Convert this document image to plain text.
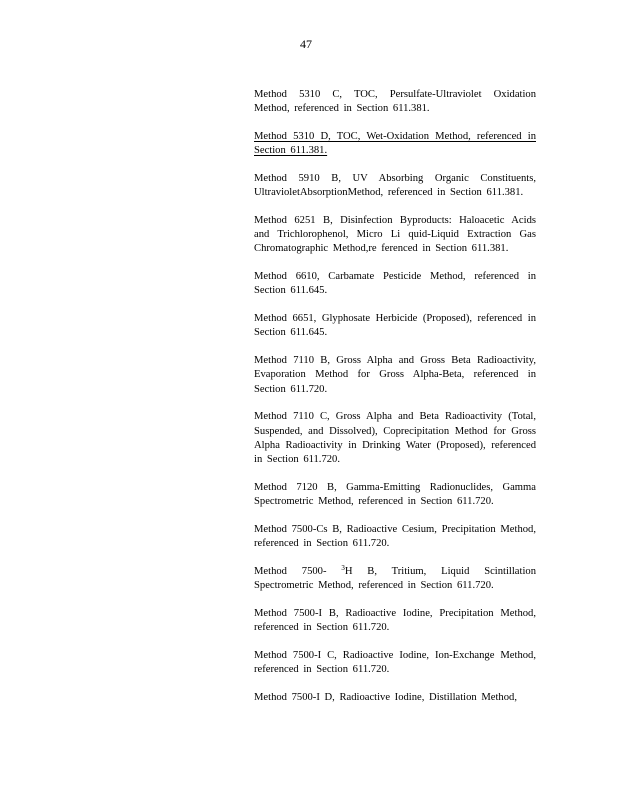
47

Method 5310 C, TOC, Persulfate-Ultraviolet Oxidation Method, referenced in Section 611.381.

Method 5310 D, TOC, Wet-Oxidation Method, referenced in Section 611.381.

Method 5910 B, UV Absorbing Organic Constituents, UltravioletAbsorptionMethod, referenced in Section 611.381.

Method 6251 B, Disinfection Byproducts: Haloacetic Acids and Trichlorophenol, Micro Li quid-Liquid Extraction Gas Chromatographic Method,re ferenced in Section 611.381.

Method 6610, Carbamate Pesticide Method, referenced in Section 611.645.

Method 6651, Glyphosate Herbicide (Proposed), referenced in Section 611.645.

Method 7110 B, Gross Alpha and Gross Beta Radioactivity, Evaporation Method for Gross Alpha-Beta, referenced in Section 611.720.

Method 7110 C, Gross Alpha and Beta Radioactivity (Total, Suspended, and Dissolved), Coprecipitation Method for Gross Alpha Radioactivity in Drinking Water (Proposed), referenced in Section 611.720.

Method 7120 B, Gamma-Emitting Radionuclides, Gamma Spectrometric Method, referenced in Section 611.720.

Method 7500-Cs B, Radioactive Cesium, Precipitation Method, referenced in Section 611.720.

Method 7500- $^3$H B, Tritium, Liquid Scintillation Spectrometric Method, referenced in Section 611.720.

Method 7500-I B, Radioactive Iodine, Precipitation Method, referenced in Section 611.720.

Method 7500-I C, Radioactive Iodine, Ion-Exchange Method, referenced in Section 611.720.

Method 7500-I D, Radioactive Iodine, Distillation Method,
